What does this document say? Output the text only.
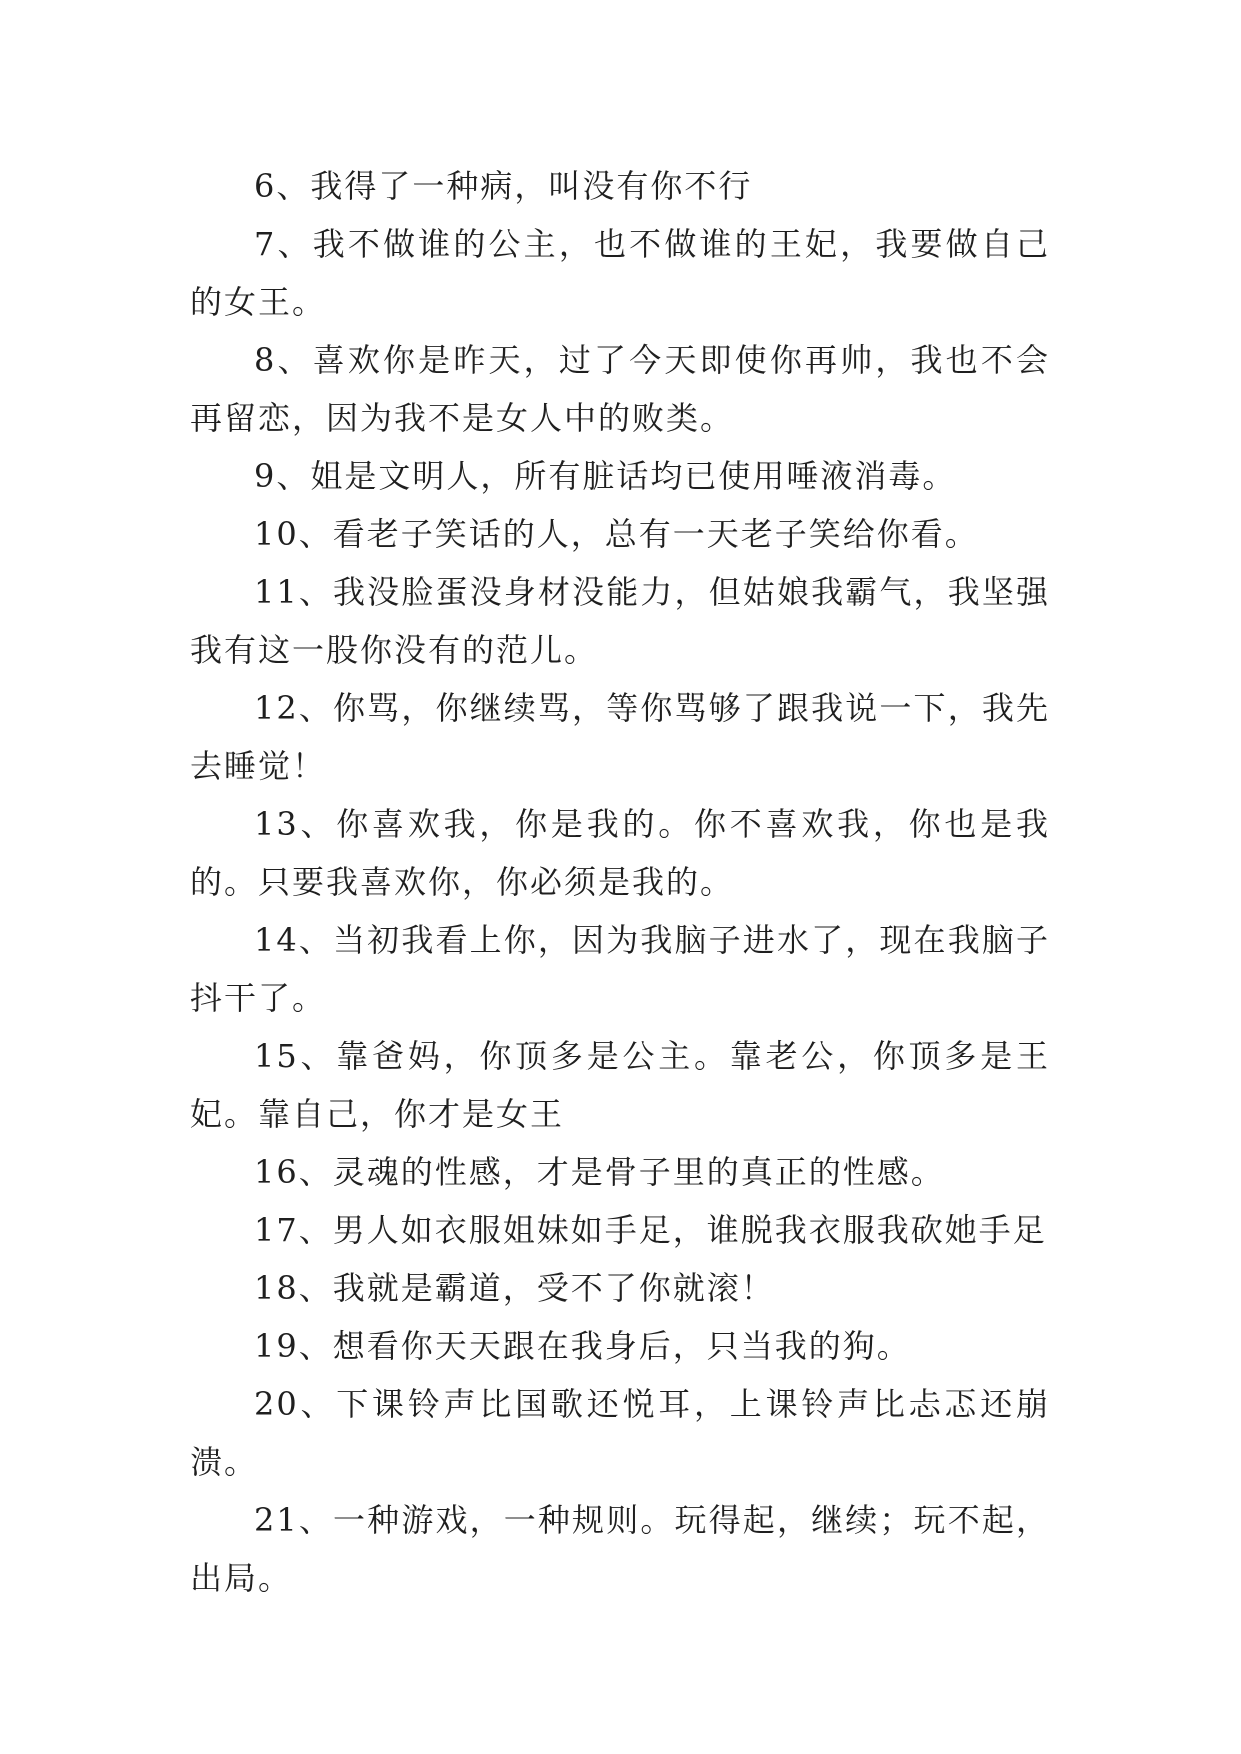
6、我得了一种病，叫没有你不行

7、我不做谁的公主，也不做谁的王妃，我要做自己的女王。

8、喜欢你是昨天，过了今天即使你再帅，我也不会再留恋，因为我不是女人中的败类。

9、姐是文明人，所有脏话均已使用唾液消毒。

10、看老子笑话的人，总有一天老子笑给你看。

11、我没脸蛋没身材没能力，但姑娘我霸气，我坚强我有这一股你没有的范儿。

12、你骂，你继续骂，等你骂够了跟我说一下，我先去睡觉！

13、你喜欢我，你是我的。你不喜欢我，你也是我的。只要我喜欢你，你必须是我的。

14、当初我看上你，因为我脑子进水了，现在我脑子抖干了。

15、靠爸妈，你顶多是公主。靠老公，你顶多是王妃。靠自己，你才是女王

16、灵魂的性感，才是骨子里的真正的性感。

17、男人如衣服姐妹如手足，谁脱我衣服我砍她手足

18、我就是霸道，受不了你就滚！

19、想看你天天跟在我身后，只当我的狗。

20、下课铃声比国歌还悦耳，上课铃声比忐忑还崩溃。

21、一种游戏，一种规则。玩得起，继续；玩不起，出局。
